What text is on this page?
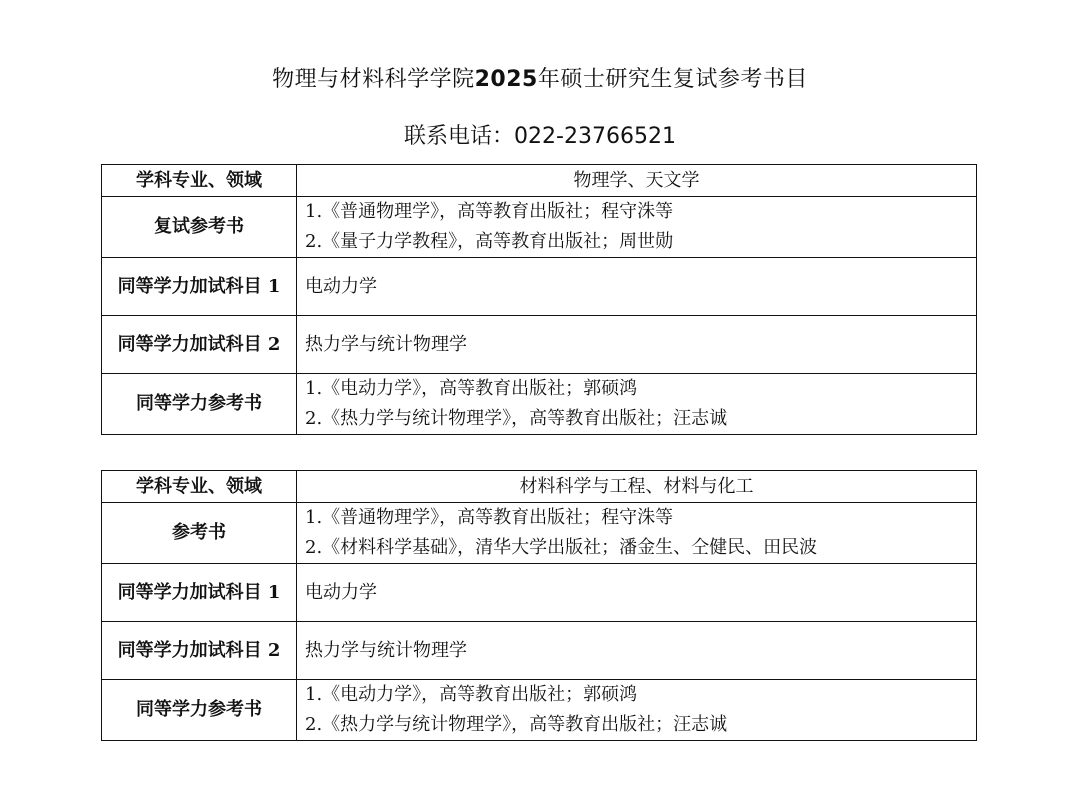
物理与材料科学学院2025年硕士研究生复试参考书目
联系电话：022-23766521
学科专业、领域	物理学、天文学

复试参考书	1.《普通物理学》，高等教育出版社；程守洙等
2.《量子力学教程》，高等教育出版社；周世勋

同等学力加试科目 1	电动力学

同等学力加试科目 2	热力学与统计物理学

同等学力参考书	1.《电动力学》，高等教育出版社；郭硕鸿
2.《热力学与统计物理学》，高等教育出版社；汪志诚
学科专业、领域	材料科学与工程、材料与化工

参考书	1.《普通物理学》，高等教育出版社；程守洙等
2.《材料科学基础》，清华大学出版社；潘金生、仝健民、田民波

同等学力加试科目 1	电动力学

同等学力加试科目 2	热力学与统计物理学

同等学力参考书	1.《电动力学》，高等教育出版社；郭硕鸿
2.《热力学与统计物理学》，高等教育出版社；汪志诚
